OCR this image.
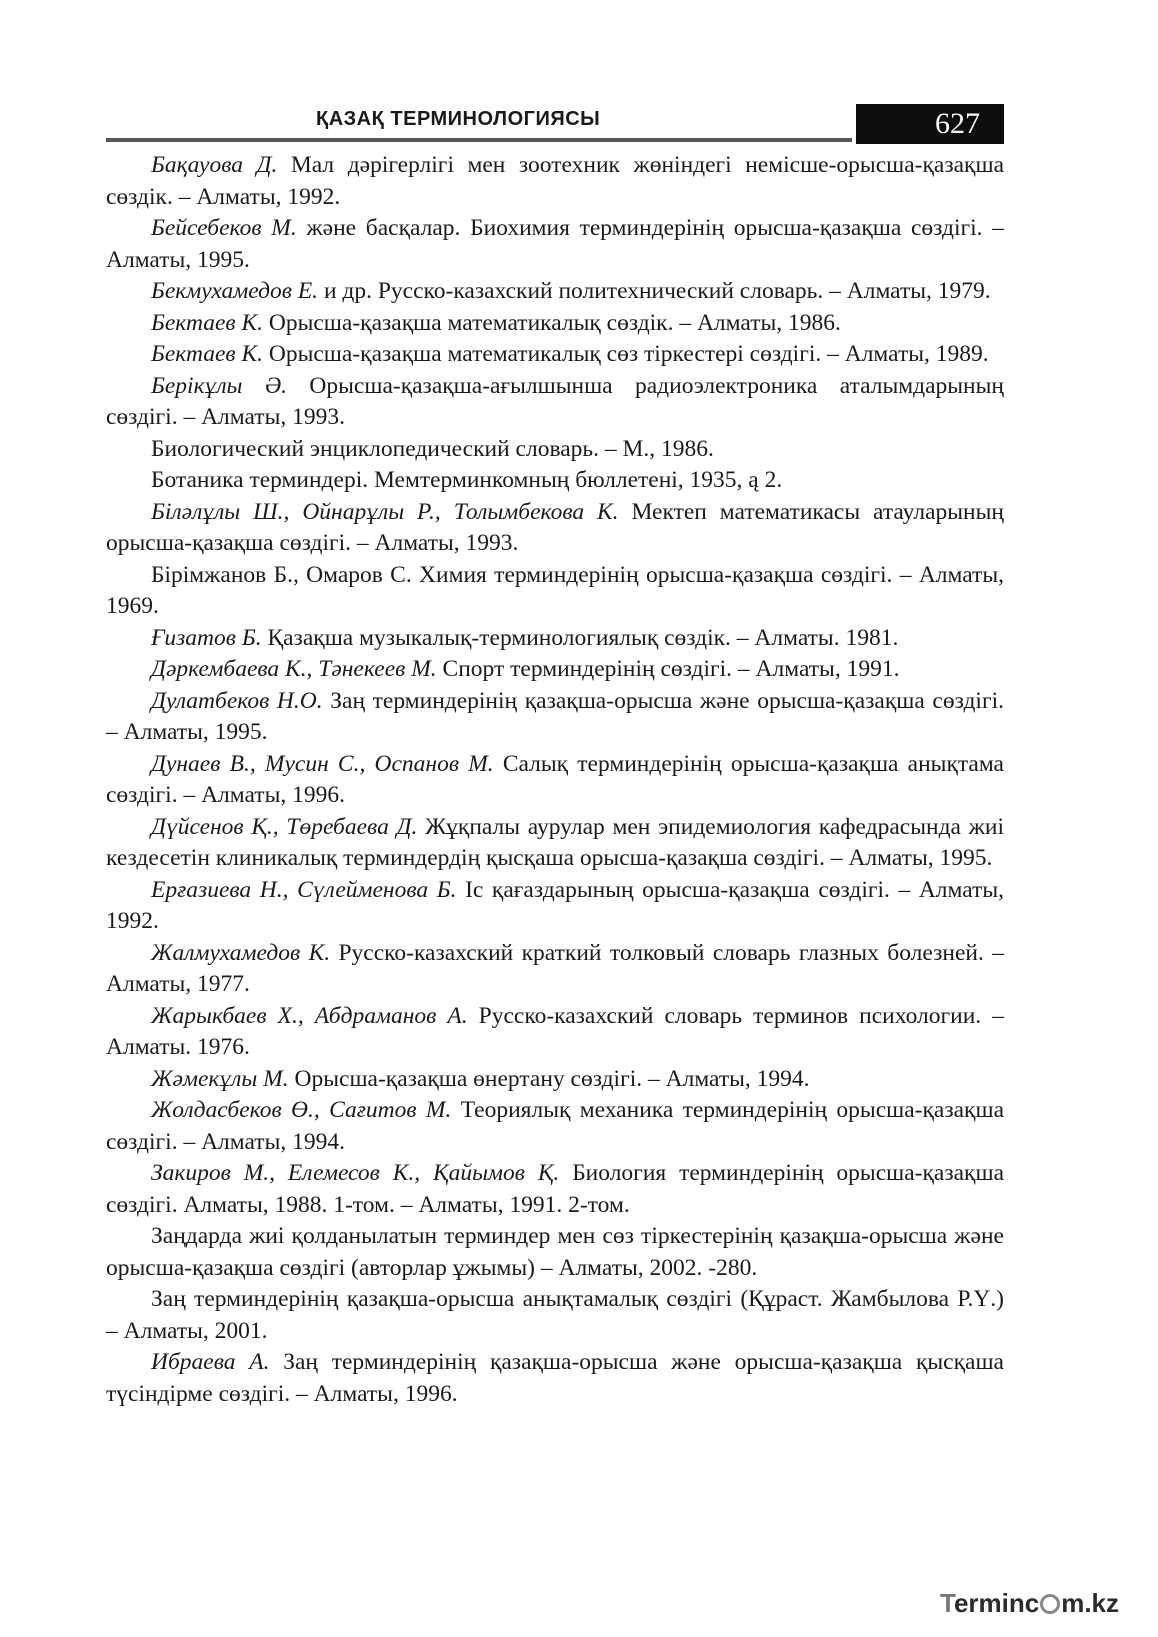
ҚАЗАҚ ТЕРМИНОЛОГИЯСЫ	627

Бақауова Д. Мал дәрігерлігі мен зоотехник жөніндегі немісше-орысша-қазақша сөздік. – Алматы, 1992.

Бейсебеков М. және басқалар. Биохимия терминдерінің орысша-қазақша сөздігі. – Алматы, 1995.

Бекмухамедов Е. и др. Русско-казахский политехнический словарь. – Алматы, 1979.

Бектаев К. Орысша-қазақша математикалық сөздік. – Алматы, 1986.

Бектаев К. Орысша-қазақша математикалық сөз тіркестері сөздігі. – Алматы, 1989.

Берікұлы Ә. Орысша-қазақша-ағылшынша радиоэлектроника аталымдарының сөздігі. – Алматы, 1993.

Биологический энциклопедический словарь. – М., 1986.

Ботаника терминдері. Мемтерминкомның бюллетені, 1935, ą 2.

Біләлұлы Ш., Ойнарұлы Р., Толымбекова К. Мектеп математикасы атауларының орысша-қазақша сөздігі. – Алматы, 1993.

Бірімжанов Б., Омаров С. Химия терминдерінің орысша-қазақша сөздігі. – Алматы, 1969.

Ғизатов Б. Қазақша музыкалық-терминологиялық сөздік. – Алматы. 1981.

Дәркембаева К., Тәнекеев М. Спорт терминдерінің сөздігі. – Алматы, 1991.

Дулатбеков Н.О. Заң терминдерінің қазақша-орысша және орысша-қазақша сөздігі. – Алматы, 1995.

Дунаев В., Мусин С., Оспанов М. Салық терминдерінің орысша-қазақша анықтама сөздігі. – Алматы, 1996.

Дүйсенов Қ., Төребаева Д. Жұқпалы аурулар мен эпидемиология кафедрасында жиі кездесетін клиникалық терминдердің қысқаша орысша-қазақша сөздігі. – Алматы, 1995.

Ерғазиева Н., Сүлейменова Б. Іс қағаздарының орысша-қазақша сөздігі. – Алматы, 1992.

Жалмухамедов К. Русско-казахский краткий толковый словарь глазных болезней. – Алматы, 1977.

Жарыкбаев Х., Абдраманов А. Русско-казахский словарь терминов психологии. – Алматы. 1976.

Жәмекұлы М. Орысша-қазақша өнертану сөздігі. – Алматы, 1994.

Жолдасбеков Ө., Сағитов М. Теориялық механика терминдерінің орысша-қазақша сөздігі. – Алматы, 1994.

Закиров М., Елемесов К., Қайымов Қ. Биология терминдерінің орысша-қазақша сөздігі. Алматы, 1988. 1-том. – Алматы, 1991. 2-том.

Заңдарда жиі қолданылатын терминдер мен сөз тіркестерінің қазақша-орысша және орысша-қазақша сөздігі (авторлар ұжымы) – Алматы, 2002. -280.

Заң терминдерінің қазақша-орысша анықтамалық сөздігі (Құраст. Жамбылова Р.Ү.) – Алматы, 2001.

Ибраева А. Заң терминдерінің қазақша-орысша және орысша-қазақша қысқаша түсіндірме сөздігі. – Алматы, 1996.

Terminc m.kz
